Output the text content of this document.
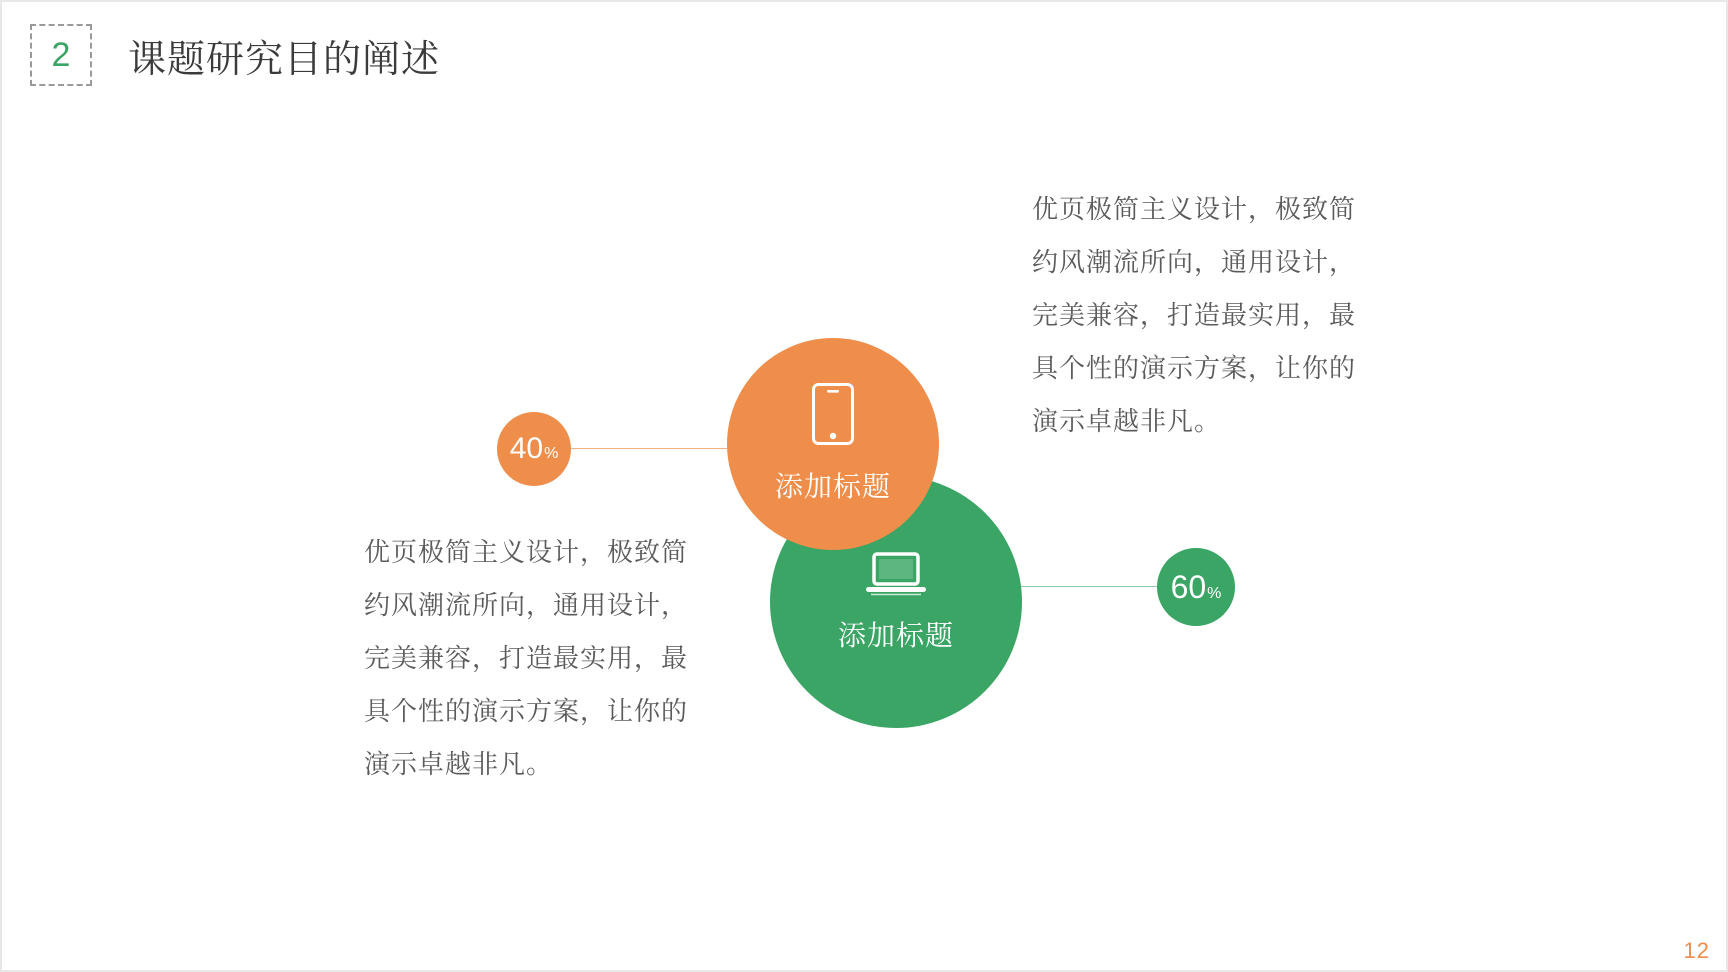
2 课题研究目的阐述
优页极简主义设计，极致简约风潮流所向，通用设计，完美兼容，打造最实用，最具个性的演示方案，让你的演示卓越非凡。
优页极简主义设计，极致简约风潮流所向，通用设计，完美兼容，打造最实用，最具个性的演示方案，让你的演示卓越非凡。
40 %
添加标题
添加标题
60 %
12
